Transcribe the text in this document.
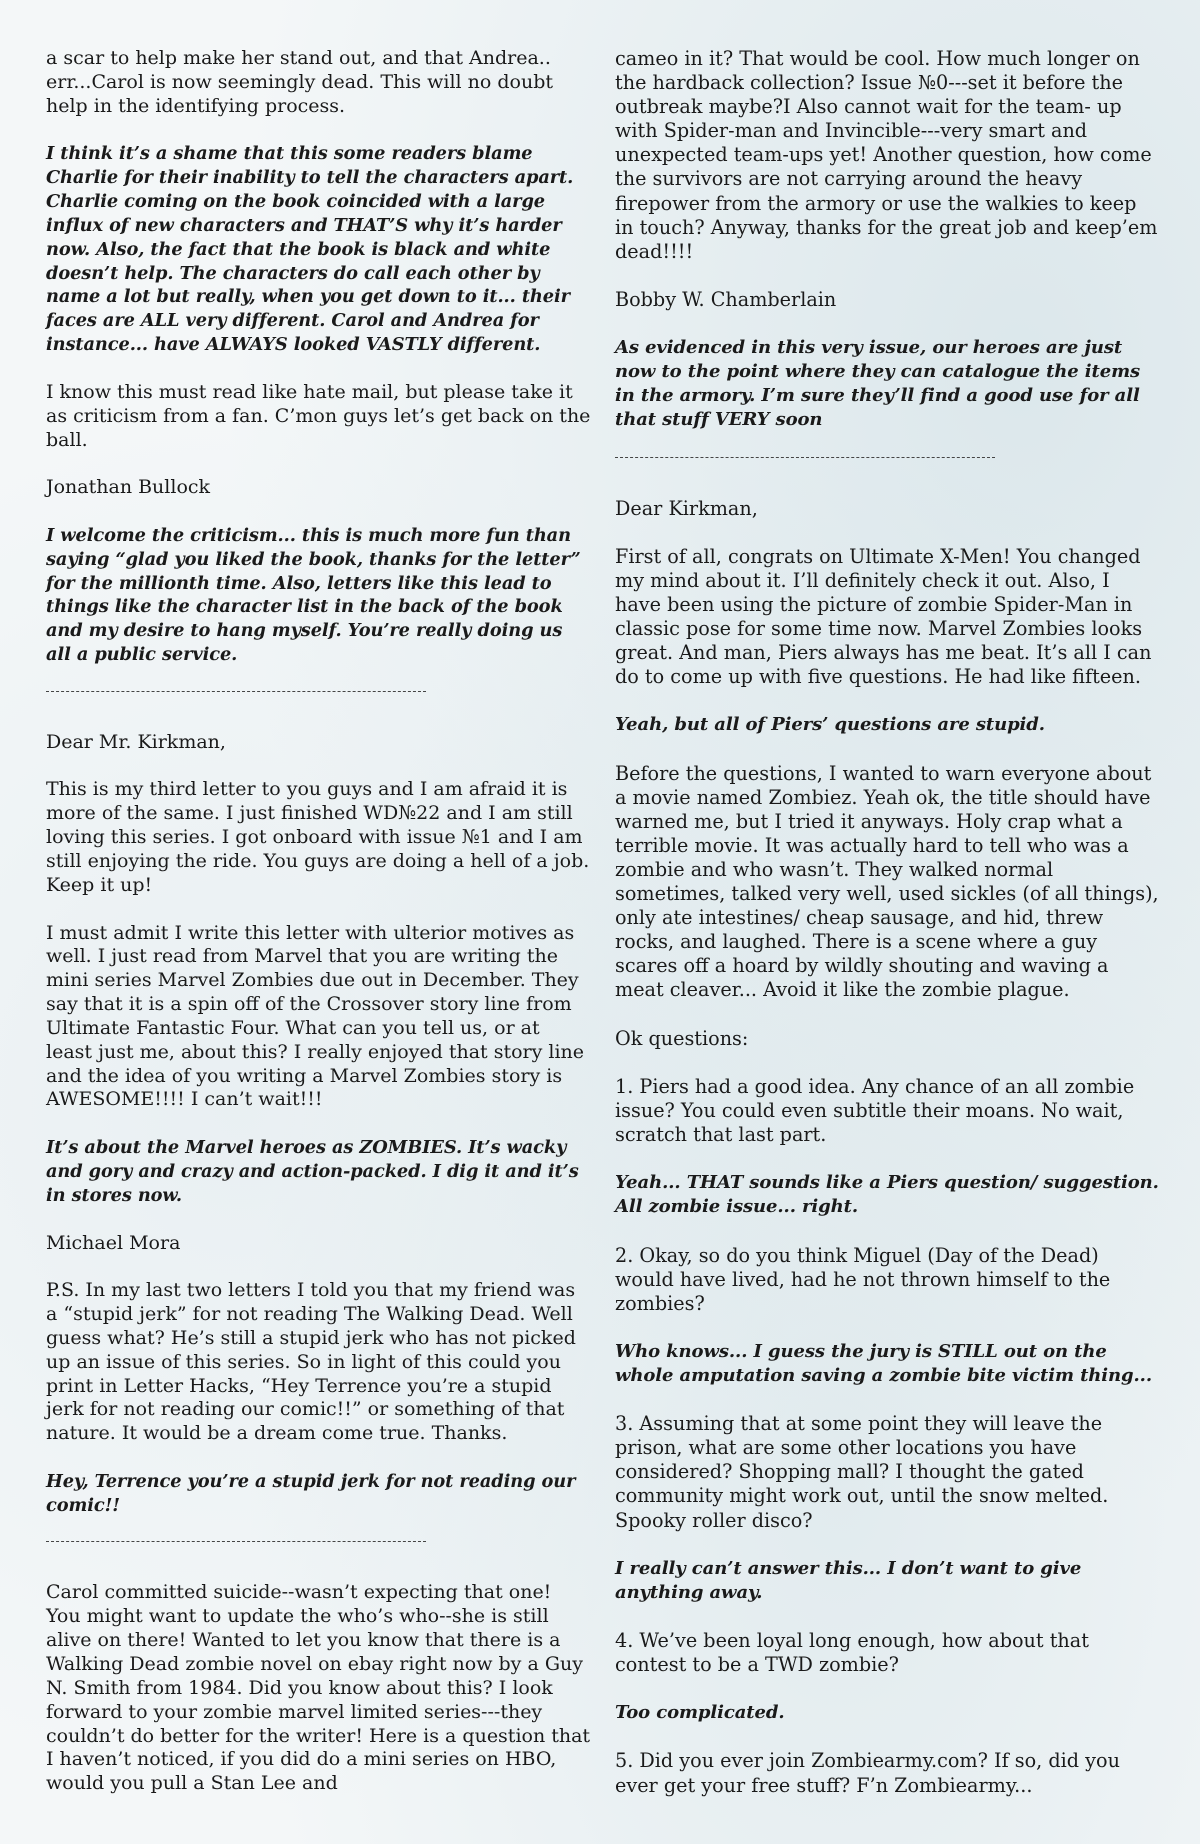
a scar to help make her stand out, and that Andrea.. err...Carol is now seemingly dead. This will no doubt help in the identifying process.

I think it’s a shame that this some readers blame Charlie for their inability to tell the characters apart. Charlie coming on the book coincided with a large influx of new characters and THAT’S why it’s harder now. Also, the fact that the book is black and white doesn’t help. The characters do call each other by name a lot but really, when you get down to it... their faces are ALL very different. Carol and Andrea for instance... have ALWAYS looked VASTLY different.

I know this must read like hate mail, but please take it as criticism from a fan. C’mon guys let’s get back on the ball.

Jonathan Bullock

I welcome the criticism... this is much more fun than saying “glad you liked the book, thanks for the letter” for the millionth time. Also, letters like this lead to things like the character list in the back of the book and my desire to hang myself. You’re really doing us all a public service.

Dear Mr. Kirkman,

This is my third letter to you guys and I am afraid it is more of the same. I just finished WD№22 and I am still loving this series. I got onboard with issue №1 and I am still enjoying the ride. You guys are doing a hell of a job. Keep it up!

I must admit I write this letter with ulterior motives as well. I just read from Marvel that you are writing the mini series Marvel Zombies due out in December. They say that it is a spin off of the Crossover story line from Ultimate Fantastic Four. What can you tell us, or at least just me, about this? I really enjoyed that story line and the idea of you writing a Marvel Zombies story is AWESOME!!!! I can’t wait!!!

It’s about the Marvel heroes as ZOMBIES. It’s wacky and gory and crazy and action-packed. I dig it and it’s in stores now.

Michael Mora

P.S. In my last two letters I told you that my friend was a “stupid jerk” for not reading The Walking Dead. Well guess what? He’s still a stupid jerk who has not picked up an issue of this series. So in light of this could you print in Letter Hacks, “Hey Terrence you’re a stupid jerk for not reading our comic!!” or something of that nature. It would be a dream come true. Thanks.

Hey, Terrence you’re a stupid jerk for not reading our comic!!

Carol committed suicide--wasn’t expecting that one! You might want to update the who’s who--she is still alive on there! Wanted to let you know that there is a Walking Dead zombie novel on ebay right now by a Guy N. Smith from 1984. Did you know about this? I look forward to your zombie marvel limited series---they couldn’t do better for the writer! Here is a question that I haven’t noticed, if you did do a mini series on HBO, would you pull a Stan Lee and

cameo in it? That would be cool. How much longer on the hardback collection? Issue №0---set it before the outbreak maybe?I Also cannot wait for the team- up with Spider-man and Invincible---very smart and unexpected team-ups yet! Another question, how come the survivors are not carrying around the heavy firepower from the armory or use the walkies to keep in touch? Anyway, thanks for the great job and keep’em dead!!!!

Bobby W. Chamberlain

As evidenced in this very issue, our heroes are just now to the point where they can catalogue the items in the armory. I’m sure they’ll find a good use for all that stuff VERY soon

Dear Kirkman,

First of all, congrats on Ultimate X-Men! You changed my mind about it. I’ll definitely check it out. Also, I have been using the picture of zombie Spider-Man in classic pose for some time now. Marvel Zombies looks great. And man, Piers always has me beat. It’s all I can do to come up with five questions. He had like fifteen.

Yeah, but all of Piers’ questions are stupid.

Before the questions, I wanted to warn everyone about a movie named Zombiez. Yeah ok, the title should have warned me, but I tried it anyways. Holy crap what a terrible movie. It was actually hard to tell who was a zombie and who wasn’t. They walked normal sometimes, talked very well, used sickles (of all things), only ate intestines/ cheap sausage, and hid, threw rocks, and laughed. There is a scene where a guy scares off a hoard by wildly shouting and waving a meat cleaver... Avoid it like the zombie plague.

Ok questions:

1. Piers had a good idea. Any chance of an all zombie issue? You could even subtitle their moans. No wait, scratch that last part.

Yeah... THAT sounds like a Piers question/ suggestion. All zombie issue... right.

2. Okay, so do you think Miguel (Day of the Dead) would have lived, had he not thrown himself to the zombies?

Who knows... I guess the jury is STILL out on the whole amputation saving a zombie bite victim thing...

3. Assuming that at some point they will leave the prison, what are some other locations you have considered? Shopping mall? I thought the gated community might work out, until the snow melted. Spooky roller disco?

I really can’t answer this... I don’t want to give anything away.

4. We’ve been loyal long enough, how about that contest to be a TWD zombie?

Too complicated.

5. Did you ever join Zombiearmy.com? If so, did you ever get your free stuff? F’n Zombiearmy...
